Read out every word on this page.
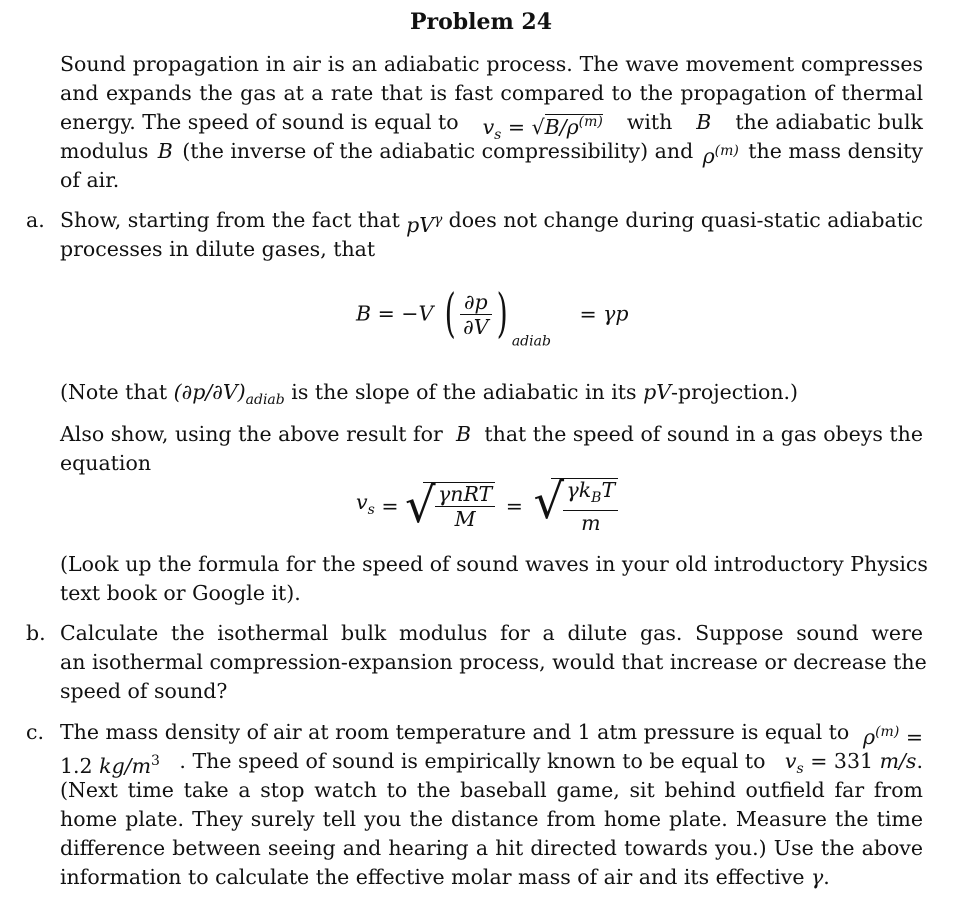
Problem 24
Sound propagation in air is an adiabatic process. The wave movement compresses
and expands the gas at a rate that is fast compared to the propagation of thermal
energy. The speed of sound is equal to $v_s = √B/\rho^{(m)}$ with B the adiabatic bulk
modulus B (the inverse of the adiabatic compressibility) and $\rho^{(m)}$ the mass density
of air.
a. Show, starting from the fact that $pV^\gamma$ does not change during quasi-static adiabatic
processes in dilute gases, that
B = −V ( $\frac{\partial p}{\partial V}$ ) $_{adiab}$ = γp
(Note that $(\partial p/\partial V)_{adiab}$ is the slope of the adiabatic in its pV-projection.)
Also show, using the above result for B that the speed of sound in a gas obeys the
equation
$v_s$ = √ $\frac{\text{γnRT}}{M}$ = √ $\frac{\gamma k_BT}{m}$
(Look up the formula for the speed of sound waves in your old introductory Physics
text book or Google it).
b. Calculate the isothermal bulk modulus for a dilute gas. Suppose sound were
an isothermal compression-expansion process, would that increase or decrease the
speed of sound?
c. The mass density of air at room temperature and 1 atm pressure is equal to $\rho^{(m)}$ =
1.2 $kg/m^3$ . The speed of sound is empirically known to be equal to $v_s = 331$ m/s.
(Next time take a stop watch to the baseball game, sit behind outfield far from
home plate. They surely tell you the distance from home plate. Measure the time
difference between seeing and hearing a hit directed towards you.) Use the above
information to calculate the effective molar mass of air and its effective γ.
